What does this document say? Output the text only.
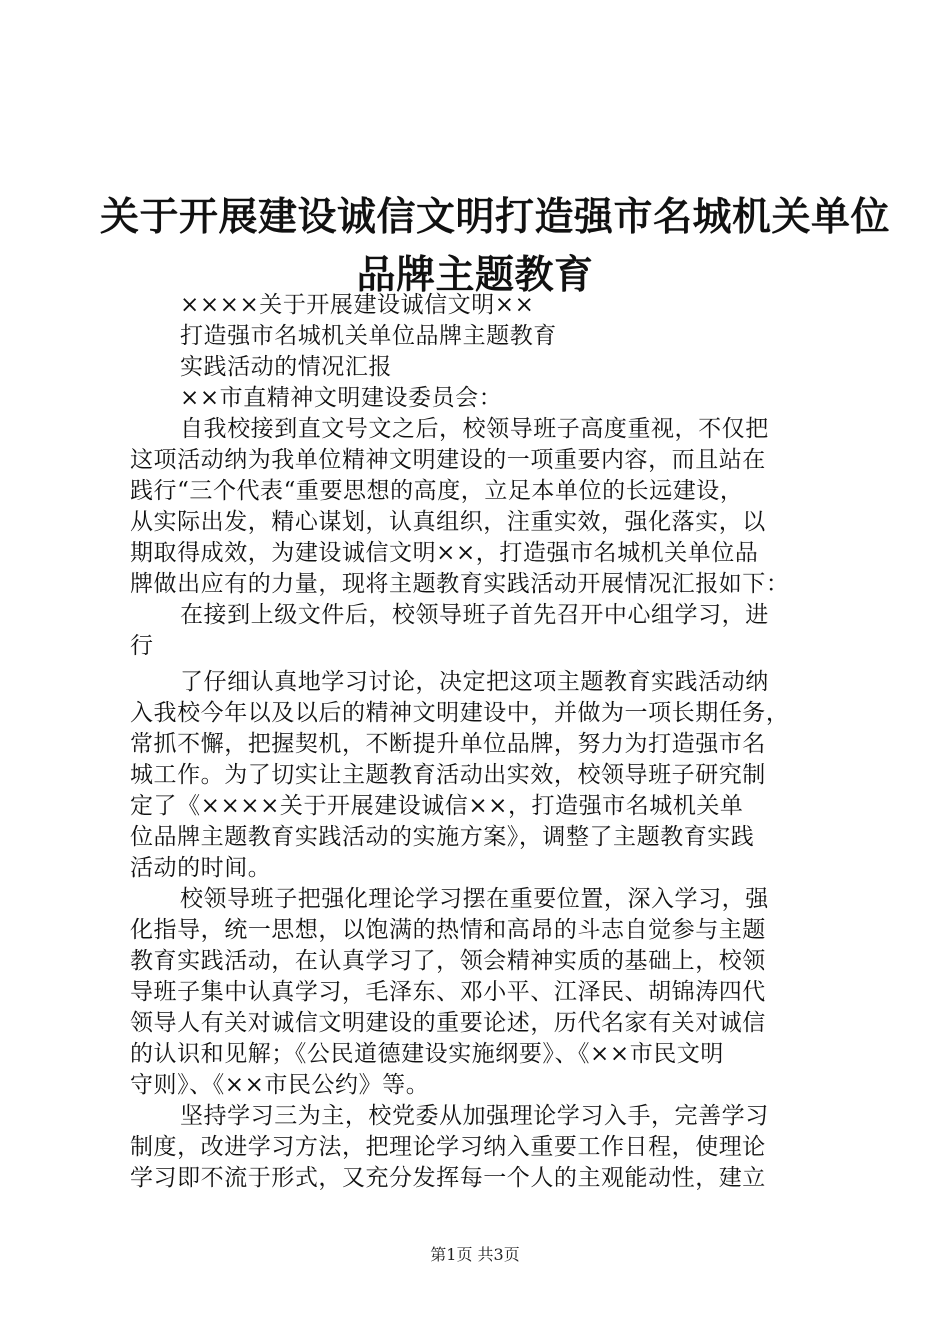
关于开展建设诚信文明打造强市名城机关单位
品牌主题教育
××××关于开展建设诚信文明××
打造强市名城机关单位品牌主题教育
实践活动的情况汇报
××市直精神文明建设委员会：
自我校接到直文号文之后，校领导班子高度重视，不仅把
这项活动纳为我单位精神文明建设的一项重要内容，而且站在
践行“三个代表“重要思想的高度，立足本单位的长远建设，
从实际出发，精心谋划，认真组织，注重实效，强化落实，以
期取得成效，为建设诚信文明××，打造强市名城机关单位品
牌做出应有的力量，现将主题教育实践活动开展情况汇报如下：
在接到上级文件后，校领导班子首先召开中心组学习，进
行
了仔细认真地学习讨论，决定把这项主题教育实践活动纳
入我校今年以及以后的精神文明建设中，并做为一项长期任务，
常抓不懈，把握契机，不断提升单位品牌，努力为打造强市名
城工作。为了切实让主题教育活动出实效，校领导班子研究制
定了《××××关于开展建设诚信××，打造强市名城机关单
位品牌主题教育实践活动的实施方案》，调整了主题教育实践
活动的时间。
校领导班子把强化理论学习摆在重要位置，深入学习，强
化指导，统一思想，以饱满的热情和高昂的斗志自觉参与主题
教育实践活动，在认真学习了，领会精神实质的基础上，校领
导班子集中认真学习，毛泽东、邓小平、江泽民、胡锦涛四代
领导人有关对诚信文明建设的重要论述，历代名家有关对诚信
的认识和见解；《公民道德建设实施纲要》、《××市民文明
守则》、《××市民公约》等。
坚持学习三为主，校党委从加强理论学习入手，完善学习
制度，改进学习方法，把理论学习纳入重要工作日程，使理论
学习即不流于形式，又充分发挥每一个人的主观能动性，建立
第1页 共3页
